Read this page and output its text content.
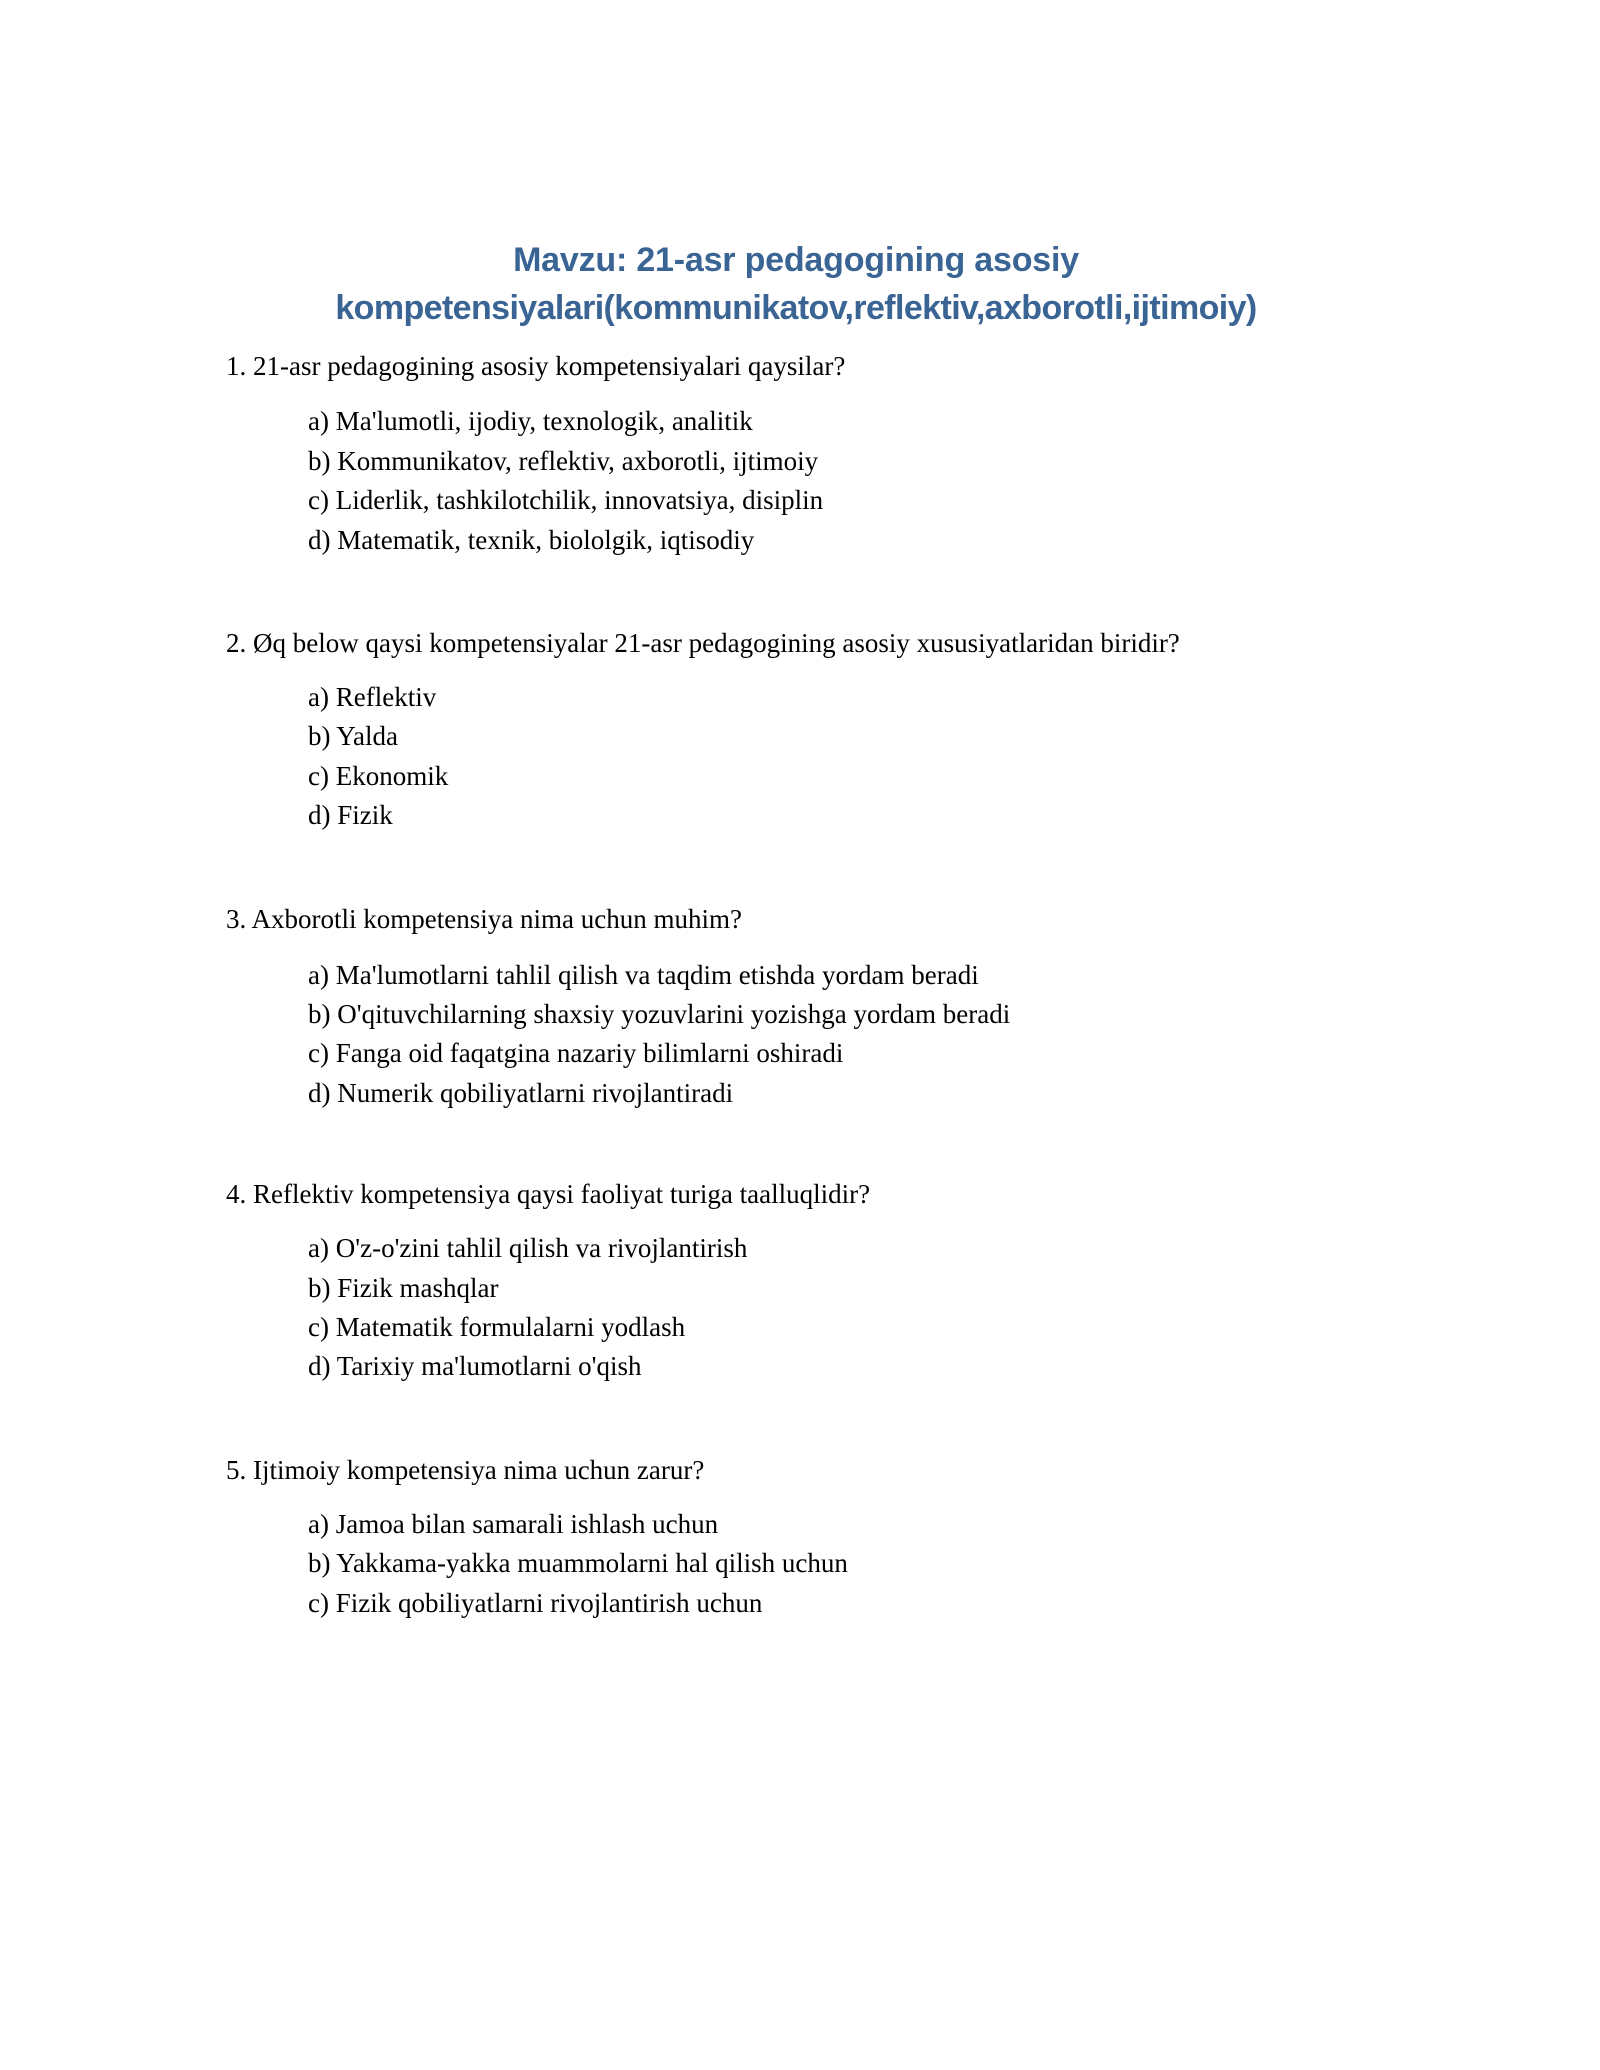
Mavzu: 21-asr pedagogining asosiy
kompetensiyalari(kommunikatov,reflektiv,axborotli,ijtimoiy)

1. 21-asr pedagogining asosiy kompetensiyalari qaysilar?

a) Ma'lumotli, ijodiy, texnologik, analitik
b) Kommunikatov, reflektiv, axborotli, ijtimoiy
c) Liderlik, tashkilotchilik, innovatsiya, disiplin
d) Matematik, texnik, biololgik, iqtisodiy

2. Øq below qaysi kompetensiyalar 21-asr pedagogining asosiy xususiyatlaridan biridir?

a) Reflektiv
b) Yalda
c) Ekonomik
d) Fizik

3. Axborotli kompetensiya nima uchun muhim?

a) Ma'lumotlarni tahlil qilish va taqdim etishda yordam beradi
b) O'qituvchilarning shaxsiy yozuvlarini yozishga yordam beradi
c) Fanga oid faqatgina nazariy bilimlarni oshiradi
d) Numerik qobiliyatlarni rivojlantiradi

4. Reflektiv kompetensiya qaysi faoliyat turiga taalluqlidir?

a) O'z-o'zini tahlil qilish va rivojlantirish
b) Fizik mashqlar
c) Matematik formulalarni yodlash
d) Tarixiy ma'lumotlarni o'qish

5. Ijtimoiy kompetensiya nima uchun zarur?

a) Jamoa bilan samarali ishlash uchun
b) Yakkama-yakka muammolarni hal qilish uchun
c) Fizik qobiliyatlarni rivojlantirish uchun
